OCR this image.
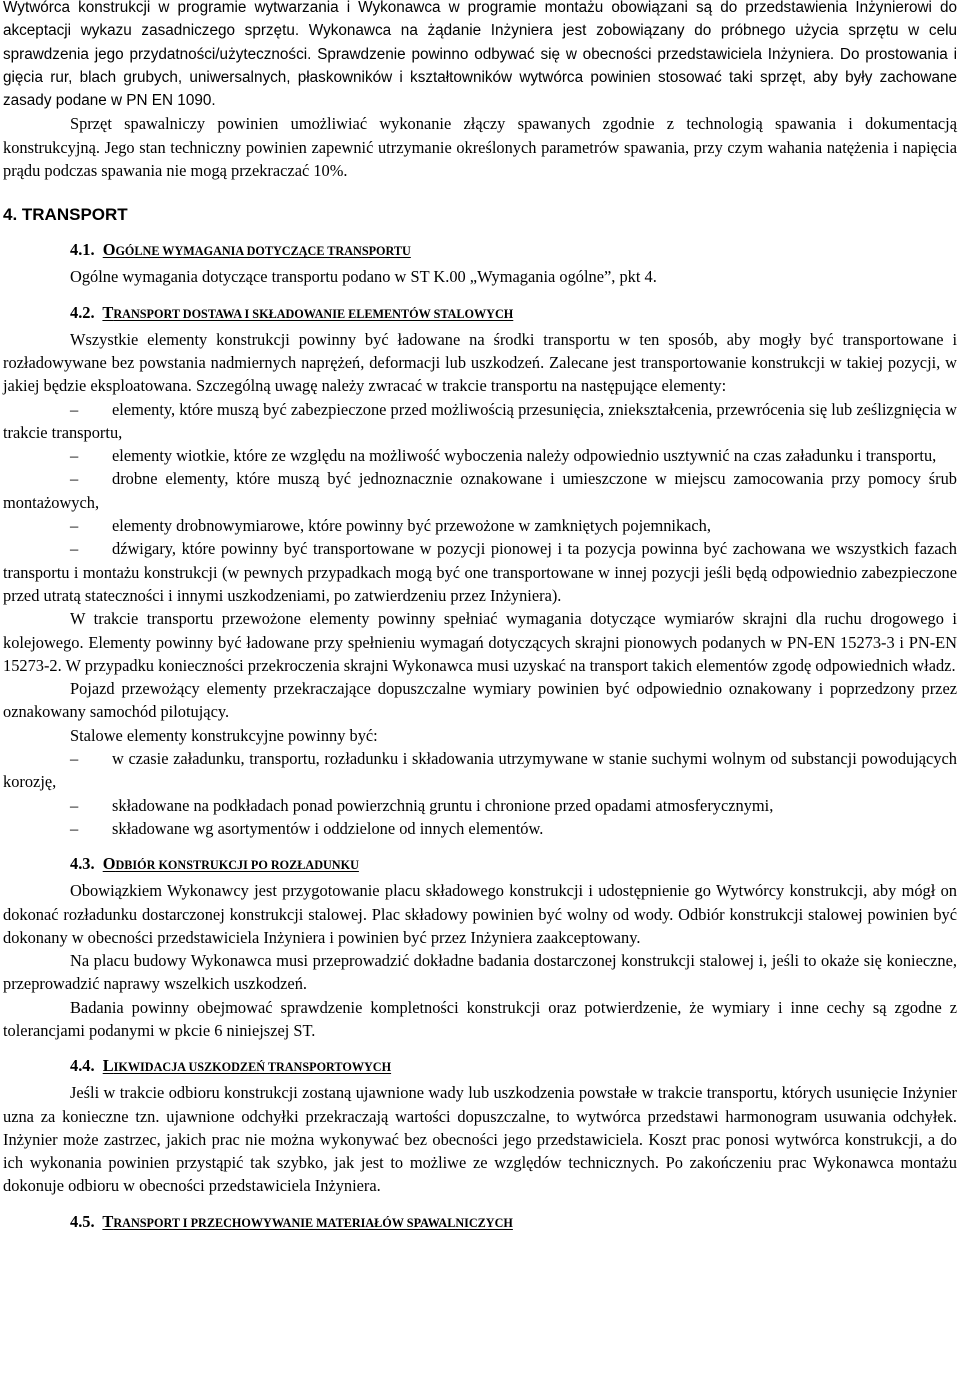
Wytwórca konstrukcji w programie wytwarzania i Wykonawca w programie montażu obowiązani są do przedstawienia Inżynierowi do akceptacji wykazu zasadniczego sprzętu. Wykonawca na żądanie Inżyniera jest zobowiązany do próbnego użycia sprzętu w celu sprawdzenia jego przydatności/użyteczności. Sprawdzenie powinno odbywać się w obecności przedstawiciela Inżyniera. Do prostowania i gięcia rur, blach grubych, uniwersalnych, płaskowników i kształtowników wytwórca powinien stosować taki sprzęt, aby były zachowane zasady podane w PN EN 1090.

Sprzęt spawalniczy powinien umożliwiać wykonanie złączy spawanych zgodnie z technologią spawania i dokumentacją konstrukcyjną. Jego stan techniczny powinien zapewnić utrzymanie określonych parametrów spawania, przy czym wahania natężenia i napięcia prądu podczas spawania nie mogą przekraczać 10%.

4. TRANSPORT
4.1. OGÓLNE WYMAGANIA DOTYCZĄCE TRANSPORTU

Ogólne wymagania dotyczące transportu podano w ST K.00 „Wymagania ogólne”, pkt 4.

4.2. TRANSPORT DOSTAWA I SKŁADOWANIE ELEMENTÓW STALOWYCH

Wszystkie elementy konstrukcji powinny być ładowane na środki transportu w ten sposób, aby mogły być transportowane i rozładowywane bez powstania nadmiernych naprężeń, deformacji lub uszkodzeń. Zalecane jest transportowanie konstrukcji w takiej pozycji, w jakiej będzie eksploatowana. Szczególną uwagę należy zwracać w trakcie transportu na następujące elementy:

– elementy, które muszą być zabezpieczone przed możliwością przesunięcia, zniekształcenia, przewrócenia się lub ześlizgnięcia w trakcie transportu,

– elementy wiotkie, które ze względu na możliwość wyboczenia należy odpowiednio usztywnić na czas załadunku i transportu,

– drobne elementy, które muszą być jednoznacznie oznakowane i umieszczone w miejscu zamocowania przy pomocy śrub montażowych,

– elementy drobnowymiarowe, które powinny być przewożone w zamkniętych pojemnikach,

– dźwigary, które powinny być transportowane w pozycji pionowej i ta pozycja powinna być zachowana we wszystkich fazach transportu i montażu konstrukcji (w pewnych przypadkach mogą być one transportowane w innej pozycji jeśli będą odpowiednio zabezpieczone przed utratą stateczności i innymi uszkodzeniami, po zatwierdzeniu przez Inżyniera).

W trakcie transportu przewożone elementy powinny spełniać wymagania dotyczące wymiarów skrajni dla ruchu drogowego i kolejowego. Elementy powinny być ładowane przy spełnieniu wymagań dotyczących skrajni pionowych podanych w PN-EN 15273-3 i PN-EN 15273-2. W przypadku konieczności przekroczenia skrajni Wykonawca musi uzyskać na transport takich elementów zgodę odpowiednich władz.

Pojazd przewożący elementy przekraczające dopuszczalne wymiary powinien być odpowiednio oznakowany i poprzedzony przez oznakowany samochód pilotujący.

Stalowe elementy konstrukcyjne powinny być:

– w czasie załadunku, transportu, rozładunku i składowania utrzymywane w stanie suchymi wolnym od substancji powodujących korozję,

– składowane na podkładach ponad powierzchnią gruntu i chronione przed opadami atmosferycznymi,

– składowane wg asortymentów i oddzielone od innych elementów.

4.3. ODBIÓR KONSTRUKCJI PO ROZŁADUNKU

Obowiązkiem Wykonawcy jest przygotowanie placu składowego konstrukcji i udostępnienie go Wytwórcy konstrukcji, aby mógł on dokonać rozładunku dostarczonej konstrukcji stalowej. Plac składowy powinien być wolny od wody. Odbiór konstrukcji stalowej powinien być dokonany w obecności przedstawiciela Inżyniera i powinien być przez Inżyniera zaakceptowany.

Na placu budowy Wykonawca musi przeprowadzić dokładne badania dostarczonej konstrukcji stalowej i, jeśli to okaże się konieczne, przeprowadzić naprawy wszelkich uszkodzeń.

Badania powinny obejmować sprawdzenie kompletności konstrukcji oraz potwierdzenie, że wymiary i inne cechy są zgodne z tolerancjami podanymi w pkcie 6 niniejszej ST.

4.4. LIKWIDACJA USZKODZEŃ TRANSPORTOWYCH

Jeśli w trakcie odbioru konstrukcji zostaną ujawnione wady lub uszkodzenia powstałe w trakcie transportu, których usunięcie Inżynier uzna za konieczne tzn. ujawnione odchyłki przekraczają wartości dopuszczalne, to wytwórca przedstawi harmonogram usuwania odchyłek. Inżynier może zastrzec, jakich prac nie można wykonywać bez obecności jego przedstawiciela. Koszt prac ponosi wytwórca konstrukcji, a do ich wykonania powinien przystąpić tak szybko, jak jest to możliwe ze względów technicznych. Po zakończeniu prac Wykonawca montażu dokonuje odbioru w obecności przedstawiciela Inżyniera.

4.5. TRANSPORT I PRZECHOWYWANIE MATERIAŁÓW SPAWALNICZYCH
